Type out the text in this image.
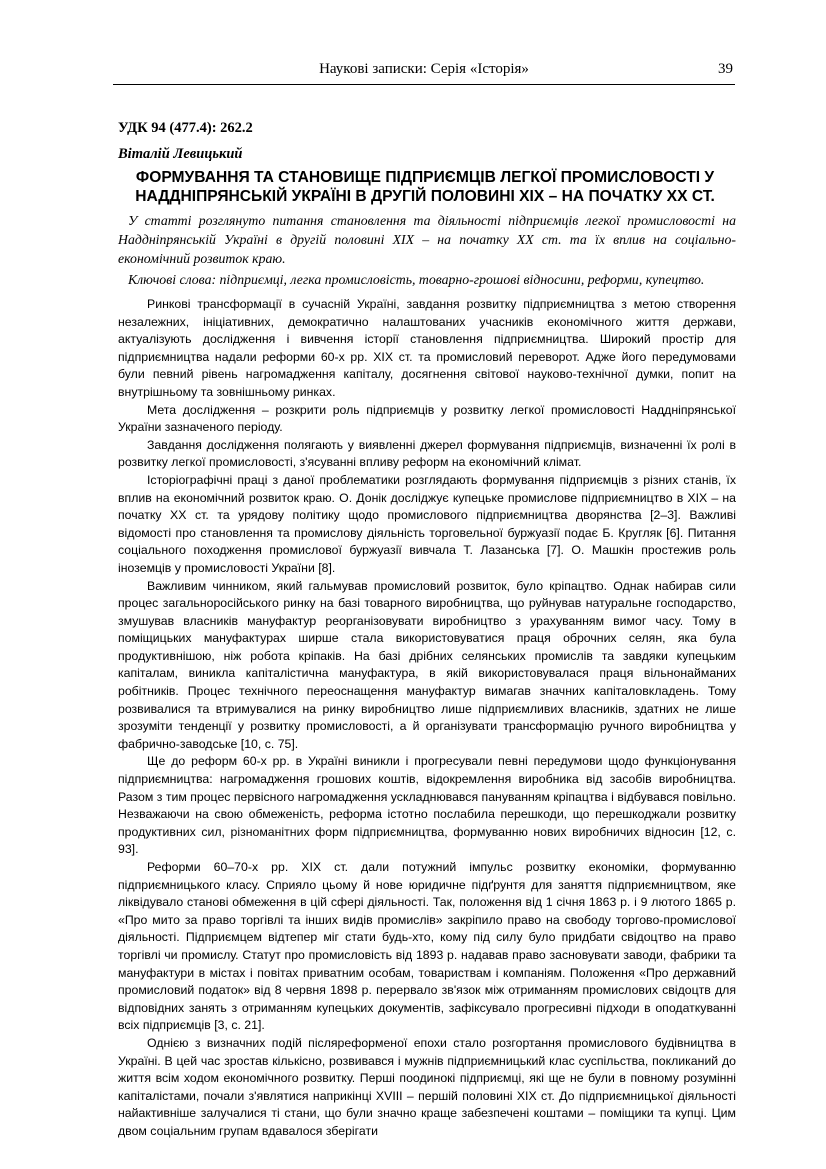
Наукові записки: Серія «Історія»	39
УДК 94 (477.4): 262.2
Віталій Левицький
ФОРМУВАННЯ ТА СТАНОВИЩЕ ПІДПРИЄМЦІВ ЛЕГКОЇ ПРОМИСЛОВОСТІ У НАДДНІПРЯНСЬКІЙ УКРАЇНІ В ДРУГІЙ ПОЛОВИНІ ХІХ – НА ПОЧАТКУ ХХ СТ.
У статті розглянуто питання становлення та діяльності підприємців легкої промисловості на Наддніпрянській Україні в другій половині ХІХ – на початку ХХ ст. та їх вплив на соціально-економічний розвиток краю.
Ключові слова: підприємці, легка промисловість, товарно-грошові відносини, реформи, купецтво.

Ринкові трансформації в сучасній Україні, завдання розвитку підприємництва з метою створення незалежних, ініціативних, демократично налаштованих учасників економічного життя держави, актуалізують дослідження і вивчення історії становлення підприємництва. Широкий простір для підприємництва надали реформи 60-х рр. ХІХ ст. та промисловий переворот. Адже його передумовами були певний рівень нагромадження капіталу, досягнення світової науково-технічної думки, попит на внутрішньому та зовнішньому ринках.

Мета дослідження – розкрити роль підприємців у розвитку легкої промисловості Наддніпрянської України зазначеного періоду.

Завдання дослідження полягають у виявленні джерел формування підприємців, визначенні їх ролі в розвитку легкої промисловості, з'ясуванні впливу реформ на економічний клімат.

Історіографічні праці з даної проблематики розглядають формування підприємців з різних станів, їх вплив на економічний розвиток краю. О. Донік досліджує купецьке промислове підприємництво в ХІХ – на початку ХХ ст. та урядову політику щодо промислового підприємництва дворянства [2–3]. Важливі відомості про становлення та промислову діяльність торговельної буржуазії подає Б. Кругляк [6]. Питання соціального походження промислової буржуазії вивчала Т. Лазанська [7]. О. Машкін простежив роль іноземців у промисловості України [8].

Важливим чинником, який гальмував промисловий розвиток, було кріпацтво. Однак набирав сили процес загальноросійського ринку на базі товарного виробництва, що руйнував натуральне господарство, змушував власників мануфактур реорганізовувати виробництво з урахуванням вимог часу. Тому в поміщицьких мануфактурах ширше стала використовуватися праця оброчних селян, яка була продуктивнішою, ніж робота кріпаків. На базі дрібних селянських промислів та завдяки купецьким капіталам, виникла капіталістична мануфактура, в якій використовувалася праця вільнонайманих робітників. Процес технічного переоснащення мануфактур вимагав значних капіталовкладень. Тому розвивалися та втримувалися на ринку виробництво лише підприємливих власників, здатних не лише зрозуміти тенденції у розвитку промисловості, а й організувати трансформацію ручного виробництва у фабрично-заводське [10, с. 75].

Ще до реформ 60-х рр. в Україні виникли і прогресували певні передумови щодо функціонування підприємництва: нагромадження грошових коштів, відокремлення виробника від засобів виробництва. Разом з тим процес первісного нагромадження ускладнювався пануванням кріпацтва і відбувався повільно. Незважаючи на свою обмеженість, реформа істотно послабила перешкоди, що перешкоджали розвитку продуктивних сил, різноманітних форм підприємництва, формуванню нових виробничих відносин [12, с. 93].

Реформи 60–70-х рр. ХІХ ст. дали потужний імпульс розвитку економіки, формуванню підприємницького класу. Сприяло цьому й нове юридичне підґрунтя для заняття підприємництвом, яке ліквідувало станові обмеження в цій сфері діяльності. Так, положення від 1 січня 1863 р. і 9 лютого 1865 р. «Про мито за право торгівлі та інших видів промислів» закріпило право на свободу торгово-промислової діяльності. Підприємцем відтепер міг стати будь-хто, кому під силу було придбати свідоцтво на право торгівлі чи промислу. Статут про промисловість від 1893 р. надавав право засновувати заводи, фабрики та мануфактури в містах і повітах приватним особам, товариствам і компаніям. Положення «Про державний промисловий податок» від 8 червня 1898 р. перервало зв'язок між отриманням промислових свідоцтв для відповідних занять з отриманням купецьких документів, зафіксувало прогресивні підходи в оподаткуванні всіх підприємців [3, с. 21].

Однією з визначних подій післяреформеної епохи стало розгортання промислового будівництва в Україні. В цей час зростав кількісно, розвивався і мужнів підприємницький клас суспільства, покликаний до життя всім ходом економічного розвитку. Перші поодинокі підприємці, які ще не були в повному розумінні капіталістами, почали з'являтися наприкінці XVIII – першій половині ХІХ ст. До підприємницької діяльності найактивніше залучалися ті стани, що були значно краще забезпечені коштами – поміщики та купці. Цим двом соціальним групам вдавалося зберігати
